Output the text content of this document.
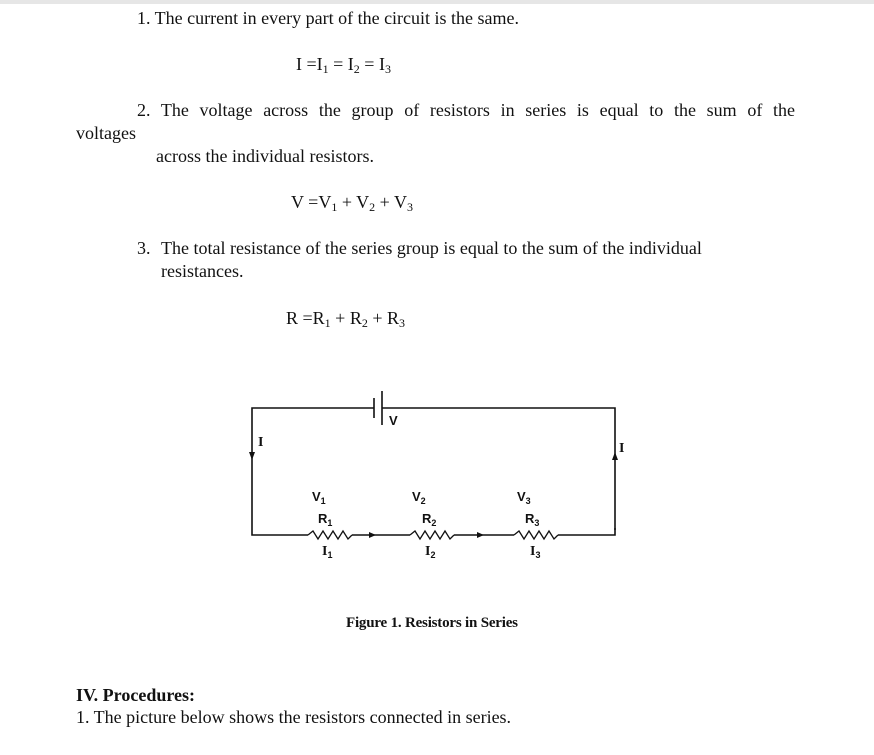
1. The current in every part of the circuit is the same.

$I =I_1 = I_2 = I_3$

2. The voltage across the group of resistors in series is equal to the sum of the

voltages

across the individual resistors.

$V =V_1 + V_2 + V_3$

3. The total resistance of the series group is equal to the sum of the individual

resistances.

$R =R_1 + R_2 + R_3$

V
I	I
$V_1$
$R_1$
$I_1$
$V_2$
$R_2$
$I_2$
$V_3$
$R_3$
$I_3$

Figure 1. Resistors in Series

IV. Procedures:

1. The picture below shows the resistors connected in series.
